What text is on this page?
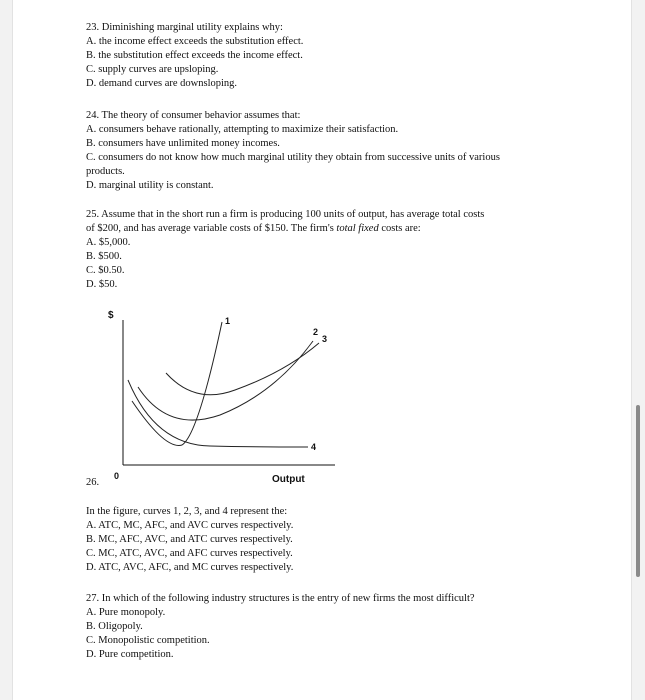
23. Diminishing marginal utility explains why:
A. the income effect exceeds the substitution effect.
B. the substitution effect exceeds the income effect.
C. supply curves are upsloping.
D. demand curves are downsloping.
24. The theory of consumer behavior assumes that:
A. consumers behave rationally, attempting to maximize their satisfaction.
B. consumers have unlimited money incomes.
C. consumers do not know how much marginal utility they obtain from successive units of various products.
D. marginal utility is constant.
25. Assume that in the short run a firm is producing 100 units of output, has average total costs
of $200, and has average variable costs of $150. The firm's total fixed costs are:
A. $5,000.
B. $500.
C. $0.50.
D. $50.
$
0	Output
1
2
3
4
26.
In the figure, curves 1, 2, 3, and 4 represent the:
A. ATC, MC, AFC, and AVC curves respectively.
B. MC, AFC, AVC, and ATC curves respectively.
C. MC, ATC, AVC, and AFC curves respectively.
D. ATC, AVC, AFC, and MC curves respectively.
27. In which of the following industry structures is the entry of new firms the most difficult?
A. Pure monopoly.
B. Oligopoly.
C. Monopolistic competition.
D. Pure competition.
